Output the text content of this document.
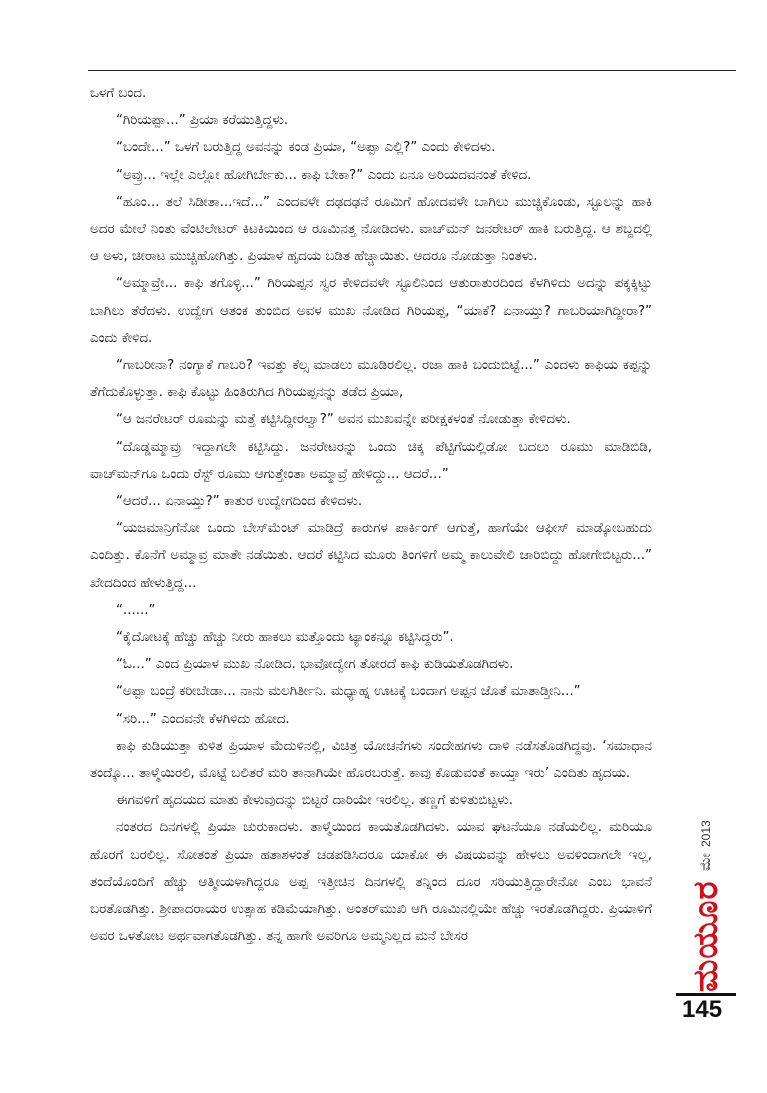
ಒಳಗೆ ಬಂದ.

“ಗಿರಿಯಪ್ಪಾ...” ಪ್ರಿಯಾ ಕರೆಯುತ್ತಿದ್ದಳು.

“ಬಂದೇ...” ಒಳಗೆ ಬರುತ್ತಿದ್ದ ಅವನನ್ನು ಕಂಡ ಪ್ರಿಯಾ, “ಅಪ್ಪಾ ಎಲ್ಲಿ?” ಎಂದು ಕೇಳಿದಳು.

“ಅವ್ರು... ಇಲ್ಲೇ ಎಲ್ಲೋ ಹೋಗಿರ್ಬೇಕು... ಕಾಫಿ ಬೇಕಾ?” ಎಂದು ಏನೂ ಅರಿಯದವನಂತೆ ಕೇಳಿದ.

“ಹೂಂ... ತಲೆ ಸಿಡೀತಾ...ಇದೆ...” ಎಂದವಳೇ ದಢದಢನೆ ರೂಮಿಗೆ ಹೋದವಳೇ ಬಾಗಿಲು ಮುಚ್ಚಿಕೊಂಡು, ಸ್ಟೂಲನ್ನು ಹಾಕಿ ಅದರ ಮೇಲೆ ನಿಂತು ವೆಂಟಿಲೇಟರ್ ಕಿಟಕಿಯಿಂದ ಆ ರೂಮಿನತ್ತ ನೋಡಿದಳು. ವಾಚ್‌ಮನ್ ಜನರೇಟರ್ ಹಾಕಿ ಬರುತ್ತಿದ್ದ. ಆ ಶಬ್ದದಲ್ಲಿ ಆ ಅಳು, ಚೀರಾಟ ಮುಚ್ಚಿಹೋಗಿತ್ತು. ಪ್ರಿಯಾಳ ಹೃದಯ ಬಡಿತ ಹೆಚ್ಚಾಯಿತು. ಆದರೂ ನೋಡುತ್ತಾ ನಿಂತಳು.

“ಅಮ್ಮಾವ್ರೇ... ಕಾಫಿ ತಗೊಳ್ಳಿ...” ಗಿರಿಯಪ್ಪನ ಸ್ವರ ಕೇಳಿದವಳೇ ಸ್ಟೂಲಿನಿಂದ ಆತುರಾತುರದಿಂದ ಕೆಳಗಿಳಿದು ಅದನ್ನು ಪಕ್ಕಕ್ಕಿಟ್ಟು ಬಾಗಿಲು ತೆರೆದಳು. ಉದ್ವೇಗ ಆತಂಕ ತುಂಬಿದ ಅವಳ ಮುಖ ನೋಡಿದ ಗಿರಿಯಪ್ಪ, “ಯಾಕೆ? ಏನಾಯ್ತು? ಗಾಬರಿಯಾಗಿದ್ದೀರಾ?” ಎಂದು ಕೇಳಿದ.

“ಗಾಬರೀನಾ? ನಂಗ್ಯಾಕೆ ಗಾಬರಿ? ಇವತ್ತು ಕೆಲ್ಸ ಮಾಡಲು ಮೂಡಿರಲಿಲ್ಲ. ರಜಾ ಹಾಕಿ ಬಂದುಬಿಟ್ಟೆ...” ಎಂದಳು ಕಾಫಿಯ ಕಪ್ಪನ್ನು ತೆಗೆದುಕೊಳ್ಳುತ್ತಾ. ಕಾಫಿ ಕೊಟ್ಟು ಹಿಂತಿರುಗಿದ ಗಿರಿಯಪ್ಪನನ್ನು ತಡೆದ ಪ್ರಿಯಾ,

“ಆ ಜನರೇಟರ್ ರೂಮನ್ನು ಮತ್ತೆ ಕಟ್ಟಿಸಿದ್ದೀರಲ್ವಾ?” ಅವನ ಮುಖವನ್ನೇ ಪರೀಕ್ಷಕಳಂತೆ ನೋಡುತ್ತಾ ಕೇಳಿದಳು.

“ದೊಡ್ಡಮ್ಮಾವ್ರು ಇದ್ದಾಗಲೇ ಕಟ್ಟಿಸಿದ್ದು. ಜನರೇಟರನ್ನು ಒಂದು ಚಿಕ್ಕ ಪೆಟ್ಟಿಗೆಯಲ್ಲಿಡೋ ಬದಲು ರೂಮು ಮಾಡಿಬಿಡಿ, ವಾಚ್‌ಮನ್‌ಗೂ ಒಂದು ರೆಸ್ಟ್ ರೂಮು ಆಗುತ್ತೇಂತಾ ಅಮ್ಮಾವ್ರೆ ಹೇಳಿದ್ದು... ಆದರೆ...”

“ಆದರೆ... ಏನಾಯ್ತು?” ಕಾತುರ ಉದ್ವೇಗದಿಂದ ಕೇಳಿದಳು.

“ಯಜಮಾನ್ರಿಗೆನೋ ಒಂದು ಬೇಸ್‌ಮೆಂಟ್ ಮಾಡಿದ್ರೆ ಕಾರುಗಳ ಪಾರ್ಕಿಂಗ್ ಆಗುತ್ತೆ, ಹಾಗೆಯೇ ಆಫೀಸ್ ಮಾಡ್ಕೋಬಹುದು ಎಂದಿತ್ತು. ಕೊನೆಗೆ ಅಮ್ಮಾವ್ರ ಮಾತೇ ನಡೆಯಿತು. ಆದರೆ ಕಟ್ಟಿಸಿದ ಮೂರು ತಿಂಗಳಿಗೆ ಅಮ್ಮ ಕಾಲುವೇಲಿ ಜಾರಿಬಿದ್ದು ಹೋಗೇಬಿಟ್ಟರು...” ಖೇದದಿಂದ ಹೇಳುತ್ತಿದ್ದ...

“......”

“ಕೈದೋಟಕ್ಕೆ ಹೆಚ್ಚು ಹೆಚ್ಚು ನೀರು ಹಾಕಲು ಮತ್ತೊಂದು ಟ್ಯಾಂಕನ್ನೂ ಕಟ್ಟಿಸಿದ್ದರು”.

“ಓ...” ಎಂದ ಪ್ರಿಯಾಳ ಮುಖ ನೋಡಿದ. ಭಾವೋದ್ವೇಗ ತೋರದೆ ಕಾಫಿ ಕುಡಿಯತೊಡಗಿದಳು.

“ಅಪ್ಪಾ ಬಂದ್ರೆ ಕರೀಬೇಡಾ... ನಾನು ಮಲಗಿರ್ತೀನಿ. ಮಧ್ಯಾಹ್ನ ಊಟಕ್ಕೆ ಬಂದಾಗ ಅಪ್ಪನ ಜೊತೆ ಮಾತಾಡ್ತೀನಿ...”

“ಸರಿ...” ಎಂದವನೇ ಕೆಳಗಿಳಿದು ಹೋದ.

ಕಾಫಿ ಕುಡಿಯುತ್ತಾ ಕುಳಿತ ಪ್ರಿಯಾಳ ಮೆದುಳಿನಲ್ಲಿ, ವಿಚಿತ್ರ ಯೋಚನೆಗಳು ಸಂದೇಹಗಳು ದಾಳಿ ನಡೆಸತೊಡಗಿದ್ದವು. ‘ಸಮಾಧಾನ ತಂದ್ಕೊ... ತಾಳ್ಮೆಯಿರಲಿ, ಮೊಟ್ಟೆ ಬಲಿತರೆ ಮರಿ ತಾನಾಗಿಯೇ ಹೊರಬರುತ್ತೆ. ಕಾವು ಕೊಡುವಂತೆ ಕಾಯ್ತಾ ಇರು’ ಎಂದಿತು ಹೃದಯ.

ಈಗವಳಿಗೆ ಹೃದಯದ ಮಾತು ಕೇಳುವುದನ್ನು ಬಿಟ್ಟರೆ ದಾರಿಯೇ ಇರಲಿಲ್ಲ. ತಣ್ಣಗೆ ಕುಳಿತುಬಿಟ್ಟಳು.

ನಂತರದ ದಿನಗಳಲ್ಲಿ ಪ್ರಿಯಾ ಚುರುಕಾದಳು. ತಾಳ್ಮೆಯಿಂದ ಕಾಯತೊಡಗಿದಳು. ಯಾವ ಘಟನೆಯೂ ನಡೆಯಲಿಲ್ಲ. ಮರಿಯೂ ಹೊರಗೆ ಬರಲಿಲ್ಲ. ಸೋತಂತೆ ಪ್ರಿಯಾ ಹತಾಶಳಂತೆ ಚಡಪಡಿಸಿದರೂ ಯಾಕೋ ಈ ವಿಷಯವನ್ನು ಹೇಳಲು ಅವಳಿಂದಾಗಲೇ ಇಲ್ಲ, ತಂದೆಯೊಂದಿಗೆ ಹೆಚ್ಚು ಆತ್ಮೀಯಳಾಗಿದ್ದರೂ ಅಪ್ಪ ಇತ್ತೀಚಿನ ದಿನಗಳಲ್ಲಿ ತನ್ನಿಂದ ದೂರ ಸರಿಯುತ್ತಿದ್ದಾರೇನೋ ಎಂಬ ಭಾವನೆ ಬರತೊಡಗಿತ್ತು. ಶ್ರೀಪಾದರಾಯರ ಉತ್ಸಾಹ ಕಡಿಮೆಯಾಗಿತ್ತು. ಅಂತರ್‌ಮುಖಿ ಆಗಿ ರೂಮಿನಲ್ಲಿಯೇ ಹೆಚ್ಚು ಇರತೊಡಗಿದ್ದರು. ಪ್ರಿಯಾಳಿಗೆ ಅವರ ಒಳತೋಟ ಅರ್ಥವಾಗತೊಡಗಿತ್ತು. ತನ್ನ ಹಾಗೇ ಅವರಿಗೂ ಅಮ್ಮನಿಲ್ಲದ ಮನೆ ಬೇಸರ	ಮಯೂರ
ಮೇ
2013
145
